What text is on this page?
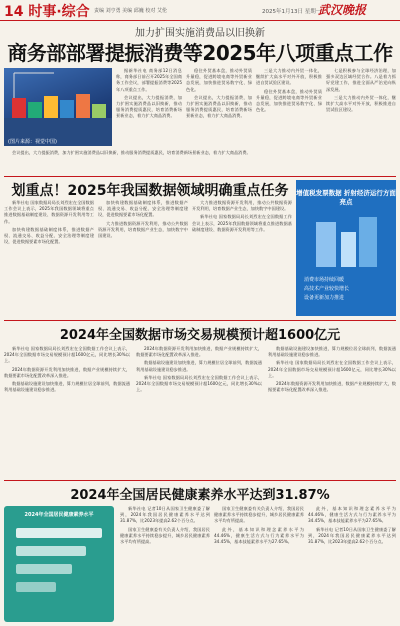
14 时事·综合 责编 刘亨勇 美编 邱巍 校对 艾伦	2025年1月13日 星期一
武汉晚报
加力扩围实施消费品以旧换新
商务部部署提振消费等2025年八项重点工作
(图片来源：视觉中国)

据新华社电 商务部12日消息称，商务部日前召开2025年全国商务工作会议，部署提振消费等2025年八项重点工作。

会议提出，大力提振消费，加力扩围实施消费品以旧换新，推动服务消费提质惠民，培育消费新场景新业态，着力扩大商品消费。

稳住外贸基本盘，推动外贸质升量稳，促进跨境电商等外贸新业态发展，加快推进贸易数字化、绿色化。

会议提出，大力提振消费，加力扩围实施消费品以旧换新，推动服务消费提质惠民，培育消费新场景新业态，着力扩大商品消费。

三是大力推动内外贸一体化，继续扩大高水平对外开放，积极推进自贸试验区建设。

稳住外贸基本盘，推动外贸质升量稳，促进跨境电商等外贸新业态发展，加快推进贸易数字化、绿色化。

七是积极参与全球经济治理，加强多双边区域经贸合作。八是着力抓好党建工作，推进全面从严治党向纵深发展。

三是大力推动内外贸一体化，继续扩大高水平对外开放，积极推进自贸试验区建设。

会议提出，大力提振消费，加力扩围实施消费品以旧换新，推动服务消费提质惠民，培育消费新场景新业态，着力扩大商品消费。

划重点！2025年我国数据领域明确重点任务

新华社电 国家数据局局长刘烈宏在全国数据工作会议上表示，2025年我国数据领域将重点推进数据基础制度建设、数据资源开发利用等工作。

加快构建数据基础制度体系，推进数据产权、流通交易、收益分配、安全治理等制度建设，促进数据要素市场化配置。

加快构建数据基础制度体系，推进数据产权、流通交易、收益分配、安全治理等制度建设，促进数据要素市场化配置。

大力推进数据资源开发利用，推动公共数据资源开发利用，培育数据产业生态，加快数字中国建设。

大力推进数据资源开发利用，推动公共数据资源开发利用，培育数据产业生态，加快数字中国建设。

新华社电 国家数据局局长刘烈宏在全国数据工作会议上表示，2025年我国数据领域将重点推进数据基础制度建设、数据资源开发利用等工作。

增值税发票数据 折射经济运行方面亮点
消费市场持续回暖
高技术产业较快增长
设备更新加力推进
2024年全国数据市场交易规模预计超1600亿元

新华社电 国家数据局局长刘烈宏在全国数据工作会议上表示，2024年全国数据市场交易规模预计超1600亿元，同比增长30%以上。

2024年数据资源开发利用加快推进，数据产业规模持续扩大，数据要素市场化配置改革深入推进。

数据基础设施建设加快推进，算力规模位居全球前列，数据流通利用基础设施建设稳步推进。

2024年数据资源开发利用加快推进，数据产业规模持续扩大，数据要素市场化配置改革深入推进。

数据基础设施建设加快推进，算力规模位居全球前列，数据流通利用基础设施建设稳步推进。

新华社电 国家数据局局长刘烈宏在全国数据工作会议上表示，2024年全国数据市场交易规模预计超1600亿元，同比增长30%以上。

数据基础设施建设加快推进，算力规模位居全球前列，数据流通利用基础设施建设稳步推进。

新华社电 国家数据局局长刘烈宏在全国数据工作会议上表示，2024年全国数据市场交易规模预计超1600亿元，同比增长30%以上。

2024年数据资源开发利用加快推进，数据产业规模持续扩大，数据要素市场化配置改革深入推进。

2024年全国居民健康素养水平达到31.87%
2024年全国居民健康素养水平

新华社电 记者10日从国家卫生健康委了解到，2024年我国居民健康素养水平达到31.87%，比2023年提高2.62个百分点。

国家卫生健康委有关负责人介绍，我国居民健康素养水平持续稳步提升，城乡居民健康素养水平均有所提高。

国家卫生健康委有关负责人介绍，我国居民健康素养水平持续稳步提升，城乡居民健康素养水平均有所提高。

此外，基本知识和理念素养水平为44.46%，健康生活方式与行为素养水平为34.45%，基本技能素养水平为27.65%。

此外，基本知识和理念素养水平为44.46%，健康生活方式与行为素养水平为34.45%，基本技能素养水平为27.65%。

新华社电 记者10日从国家卫生健康委了解到，2024年我国居民健康素养水平达到31.87%，比2023年提高2.62个百分点。
